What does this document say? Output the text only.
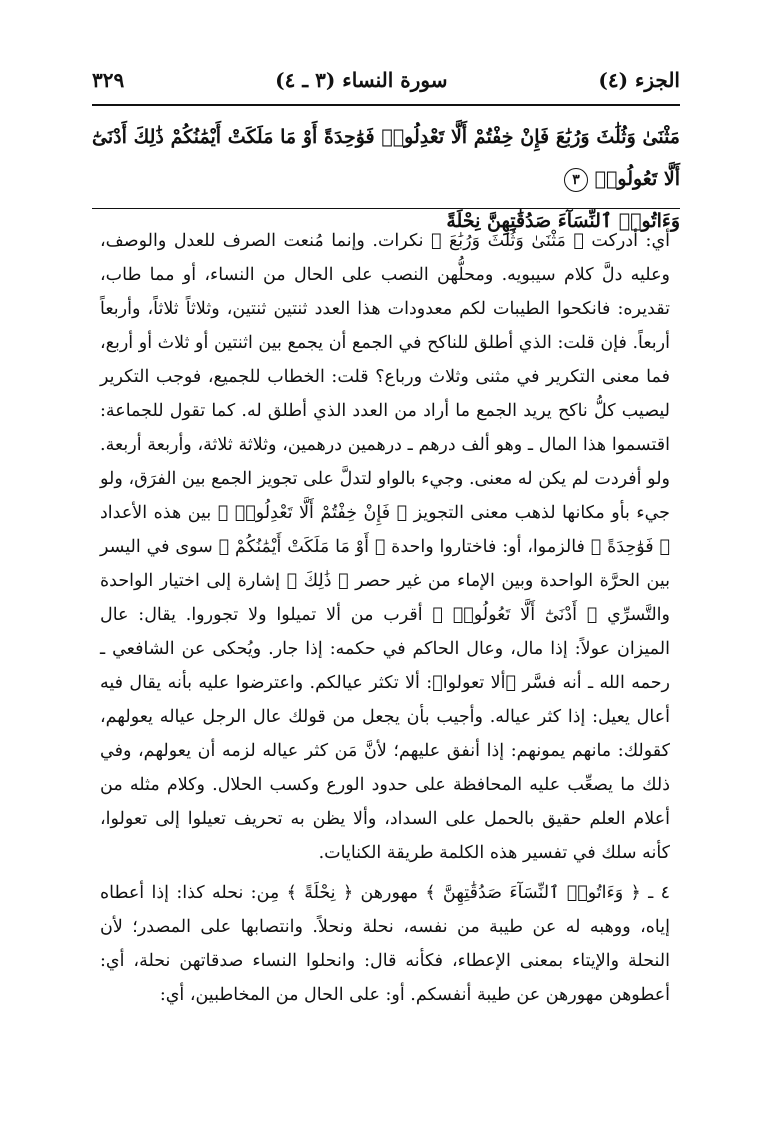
الجزء (٤)
سورة النساء (٣ ـ ٤)
٣٢٩
مَثْنَىٰ وَثُلَٰثَ وَرُبَٰعَ فَإِنْ خِفْتُمْ أَلَّا تَعْدِلُوا۟ فَوَٰحِدَةً أَوْ مَا مَلَكَتْ أَيْمَٰنُكُمْ ذَٰلِكَ أَدْنَىٰٓ أَلَّا تَعُولُوا۟ ٣
وَءَاتُوا۟ ٱلنِّسَآءَ صَدُقَٰتِهِنَّ نِحْلَةً

أي: أدركت ﴿ مَثْنَىٰ وَثُلَٰثَ وَرُبَٰعَ ﴾ نكرات. وإنما مُنعت الصرف للعدل والوصف، وعليه دلَّ كلام سيبويه. ومحلُّهن النصب على الحال من النساء، أو مما طاب، تقديره: فانكحوا الطيبات لكم معدودات هذا العدد ثنتين ثنتين، وثلاثاً ثلاثاً، وأربعاً أربعاً. فإن قلت: الذي أطلق للناكح في الجمع أن يجمع بين اثنتين أو ثلاث أو أربع، فما معنى التكرير في مثنى وثلاث ورباع؟ قلت: الخطاب للجميع، فوجب التكرير ليصيب كلُّ ناكح يريد الجمع ما أراد من العدد الذي أطلق له. كما تقول للجماعة: اقتسموا هذا المال ـ وهو ألف درهم ـ درهمين درهمين، وثلاثة ثلاثة، وأربعة أربعة. ولو أفردت لم يكن له معنى. وجيء بالواو لتدلَّ على تجويز الجمع بين الفرَق، ولو جيء بأو مكانها لذهب معنى التجويز ﴿ فَإِنْ خِفْتُمْ أَلَّا تَعْدِلُوا۟ ﴾ بين هذه الأعداد ﴿ فَوَٰحِدَةً ﴾ فالزموا، أو: فاختاروا واحدة ﴿ أَوْ مَا مَلَكَتْ أَيْمَٰنُكُمْ ﴾ سوى في اليسر بين الحرَّة الواحدة وبين الإماء من غير حصر ﴿ ذَٰلِكَ ﴾ إشارة إلى اختيار الواحدة والتَّسرِّي ﴿ أَدْنَىٰٓ أَلَّا تَعُولُوا۟ ﴾ أقرب من ألا تميلوا ولا تجوروا. يقال: عال الميزان عولاً: إذا مال، وعال الحاكم في حكمه: إذا جار. ويُحكى عن الشافعي ـ رحمه الله ـ أنه فسَّر ﴿ألا تعولوا﴾: ألا تكثر عيالكم. واعترضوا عليه بأنه يقال فيه أعال يعيل: إذا كثر عياله. وأجيب بأن يجعل من قولك عال الرجل عياله يعولهم، كقولك: مانهم يمونهم: إذا أنفق عليهم؛ لأنَّ مَن كثر عياله لزمه أن يعولهم، وفي ذلك ما يصعِّب عليه المحافظة على حدود الورع وكسب الحلال. وكلام مثله من أعلام العلم حقيق بالحمل على السداد، وألا يظن به تحريف تعيلوا إلى تعولوا، كأنه سلك في تفسير هذه الكلمة طريقة الكنايات.

٤ ـ ﴿ وَءَاتُوا۟ ٱلنِّسَآءَ صَدُقَٰتِهِنَّ ﴾ مهورهن ﴿ نِحْلَةً ﴾ مِن: نحله كذا: إذا أعطاه إياه، ووهبه له عن طيبة من نفسه، نحلة ونحلاً. وانتصابها على المصدر؛ لأن النحلة والإيتاء بمعنى الإعطاء، فكأنه قال: وانحلوا النساء صدقاتهن نحلة، أي: أعطوهن مهورهن عن طيبة أنفسكم. أو: على الحال من المخاطبين، أي:
